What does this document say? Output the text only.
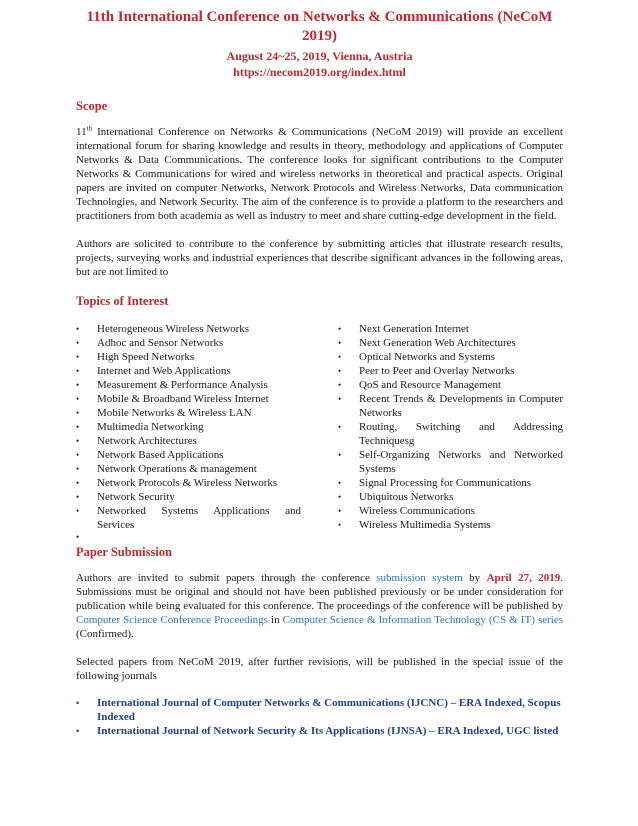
11th International Conference on Networks & Communications (NeCoM 2019)
August 24~25, 2019, Vienna, Austria
https://necom2019.org/index.html
Scope

11th International Conference on Networks & Communications (NeCoM 2019) will provide an excellent international forum for sharing knowledge and results in theory, methodology and applications of Computer Networks & Data Communications. The conference looks for significant contributions to the Computer Networks & Communications for wired and wireless networks in theoretical and practical aspects. Original papers are invited on computer Networks, Network Protocols and Wireless Networks, Data communication Technologies, and Network Security. The aim of the conference is to provide a platform to the researchers and practitioners from both academia as well as industry to meet and share cutting-edge development in the field.

Authors are solicited to contribute to the conference by submitting articles that illustrate research results, projects, surveying works and industrial experiences that describe significant advances in the following areas, but are not limited to

Topics of Interest
• Heterogeneous Wireless Networks
• Adhoc and Sensor Networks
• High Speed Networks
• Internet and Web Applications
• Measurement & Performance Analysis
• Mobile & Broadband Wireless Internet
• Mobile Networks & Wireless LAN
• Multimedia Networking
• Network Architectures
• Network Based Applications
• Network Operations & management
• Network Protocols & Wireless Networks
• Network Security
• Networked Systems Applications and Services
• Next Generation Internet
• Next Generation Web Architectures
• Optical Networks and Systems
• Peer to Peer and Overlay Networks
• QoS and Resource Management
• Recent Trends & Developments in Computer Networks
• Routing, Switching and Addressing Techniquesg
• Self-Organizing Networks and Networked Systems
• Signal Processing for Communications
• Ubiquitous Networks
• Wireless Communications
• Wireless Multimedia Systems
•
Paper Submission

Authors are invited to submit papers through the conference submission system by April 27, 2019. Submissions must be original and should not have been published previously or be under consideration for publication while being evaluated for this conference. The proceedings of the conference will be published by Computer Science Conference Proceedings in Computer Science & Information Technology (CS & IT) series (Confirmed).

Selected papers from NeCoM 2019, after further revisions, will be published in the special issue of the following journals

• International Journal of Computer Networks & Communications (IJCNC) – ERA Indexed, Scopus Indexed
• International Journal of Network Security & Its Applications (IJNSA) – ERA Indexed, UGC listed
